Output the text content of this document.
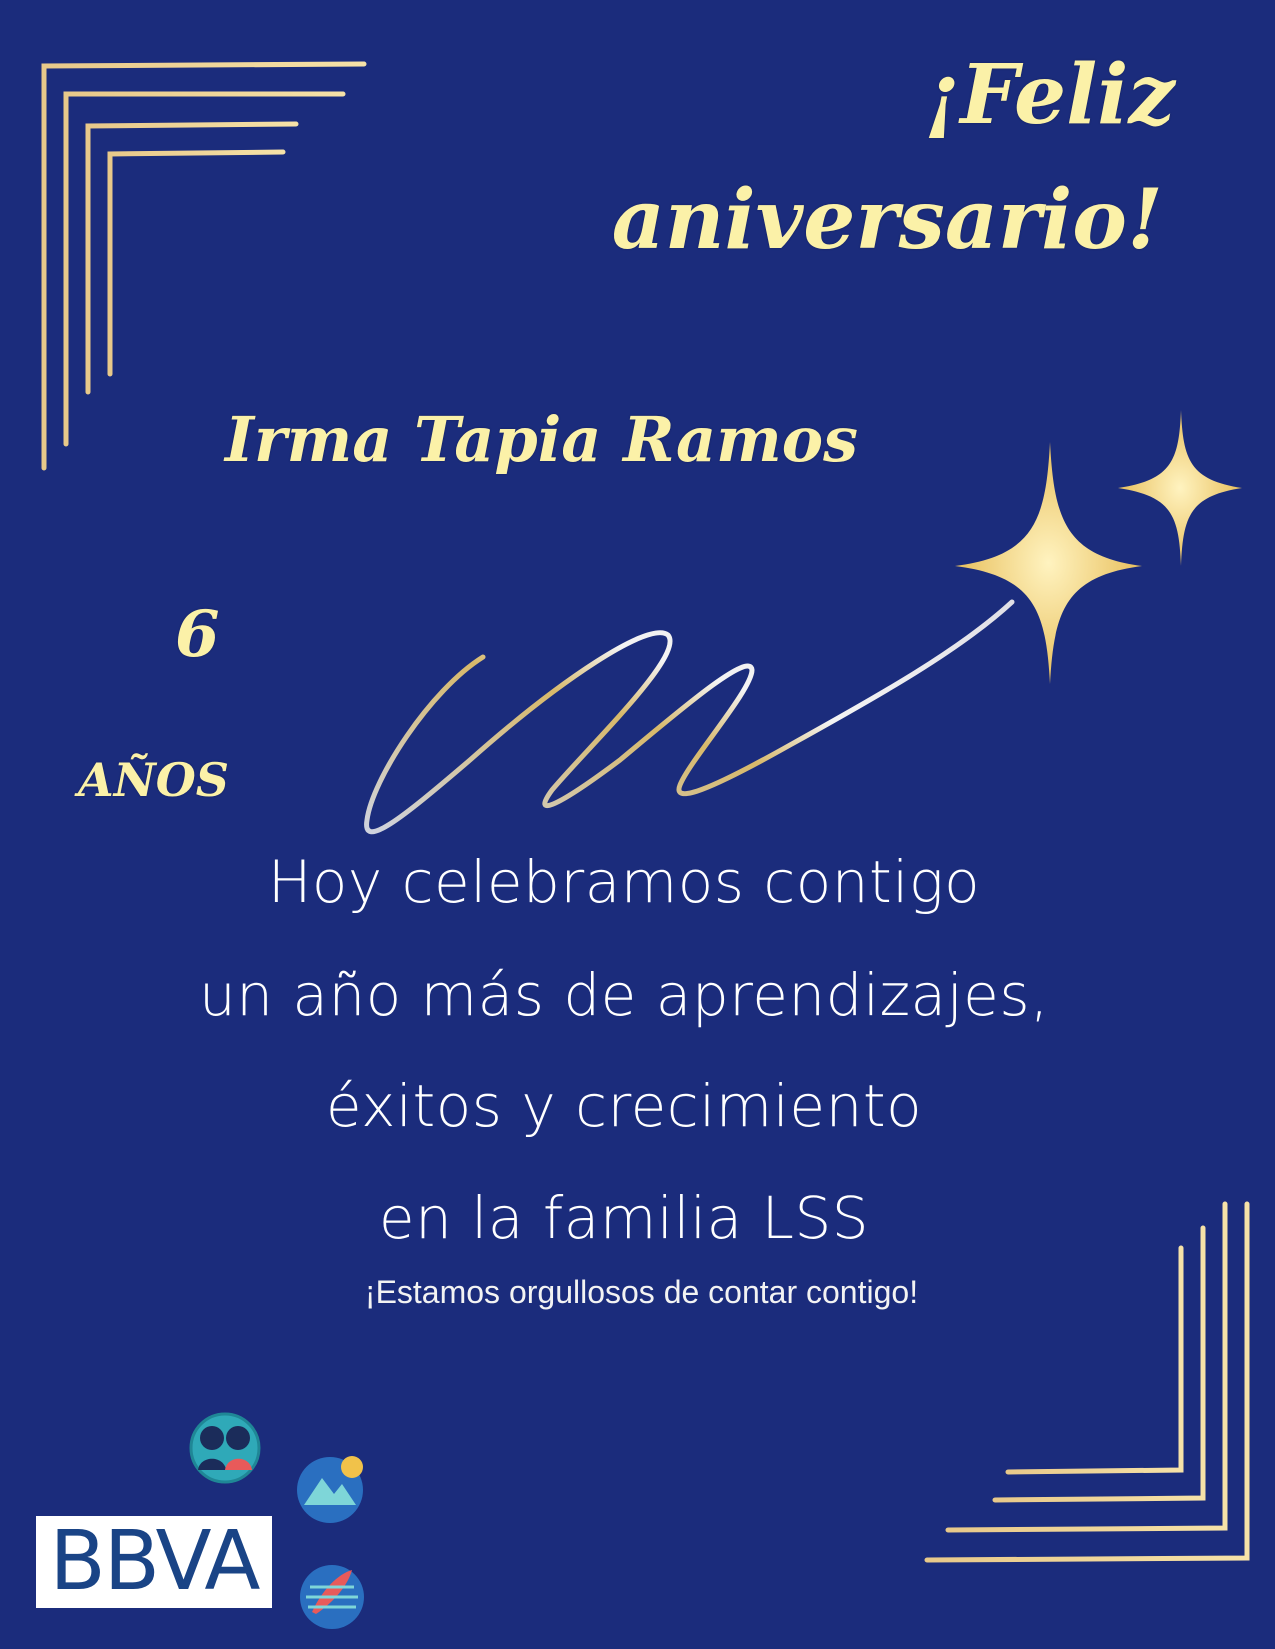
¡Feliz
aniversario!
Irma Tapia Ramos
6
AÑOS
Hoy celebramos contigo
un año más de aprendizajes,
éxitos y crecimiento
en la familia LSS
¡Estamos orgullosos de contar contigo!
BBVA
